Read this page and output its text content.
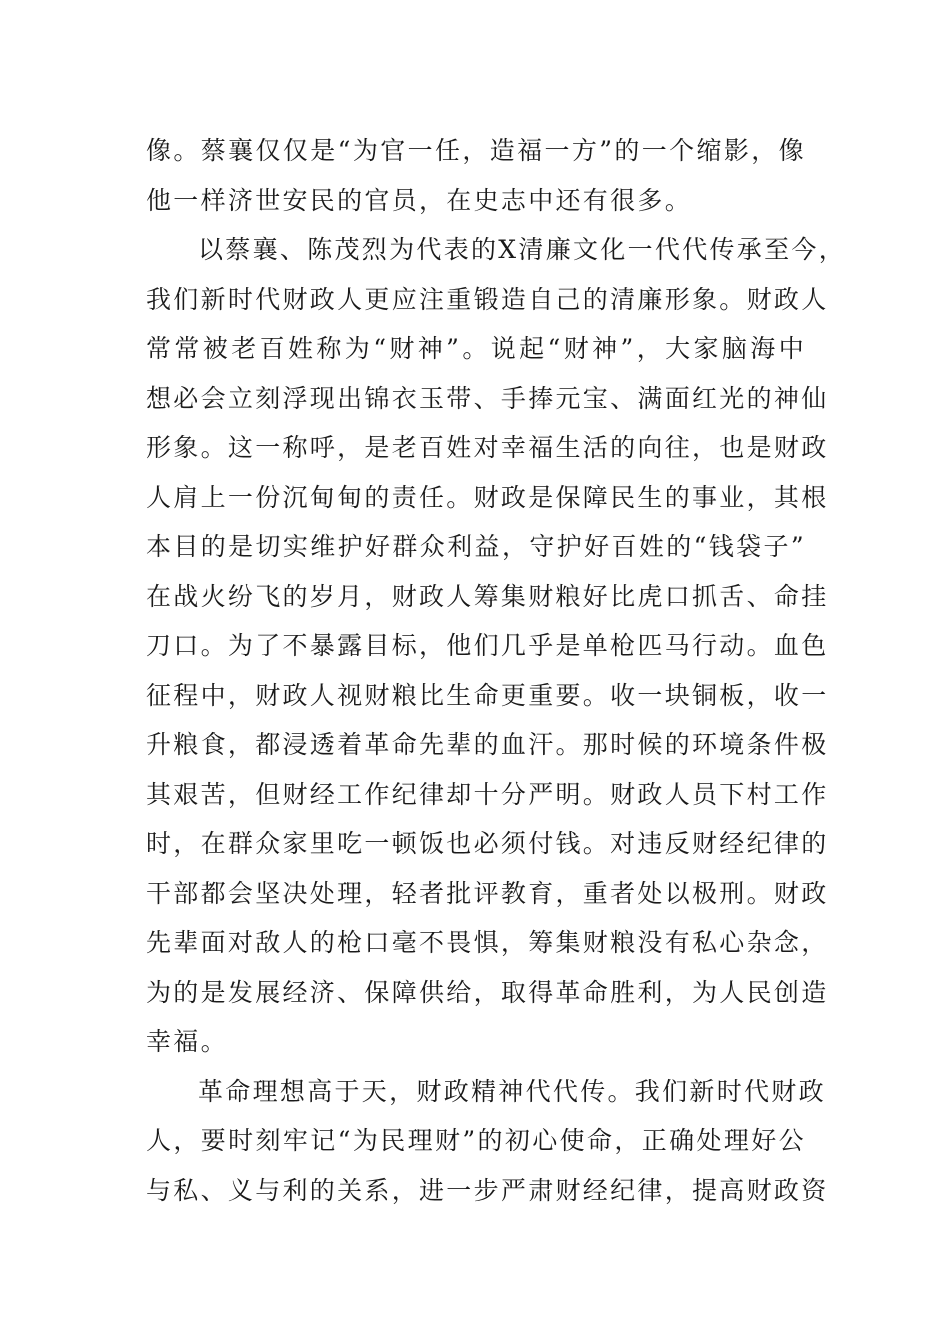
像。蔡襄仅仅是“为官一任，造福一方”的一个缩影，像
他一样济世安民的官员，在史志中还有很多。
以蔡襄、陈茂烈为代表的X清廉文化一代代传承至今，
我们新时代财政人更应注重锻造自己的清廉形象。财政人
常常被老百姓称为“财神”。说起“财神”，大家脑海中
想必会立刻浮现出锦衣玉带、手捧元宝、满面红光的神仙
形象。这一称呼，是老百姓对幸福生活的向往，也是财政
人肩上一份沉甸甸的责任。财政是保障民生的事业，其根
本目的是切实维护好群众利益，守护好百姓的“钱袋子”
在战火纷飞的岁月，财政人筹集财粮好比虎口抓舌、命挂
刀口。为了不暴露目标，他们几乎是单枪匹马行动。血色
征程中，财政人视财粮比生命更重要。收一块铜板，收一
升粮食，都浸透着革命先辈的血汗。那时候的环境条件极
其艰苦，但财经工作纪律却十分严明。财政人员下村工作
时，在群众家里吃一顿饭也必须付钱。对违反财经纪律的
干部都会坚决处理，轻者批评教育，重者处以极刑。财政
先辈面对敌人的枪口毫不畏惧，筹集财粮没有私心杂念，
为的是发展经济、保障供给，取得革命胜利，为人民创造
幸福。
革命理想高于天，财政精神代代传。我们新时代财政
人，要时刻牢记“为民理财”的初心使命，正确处理好公
与私、义与利的关系，进一步严肃财经纪律，提高财政资
